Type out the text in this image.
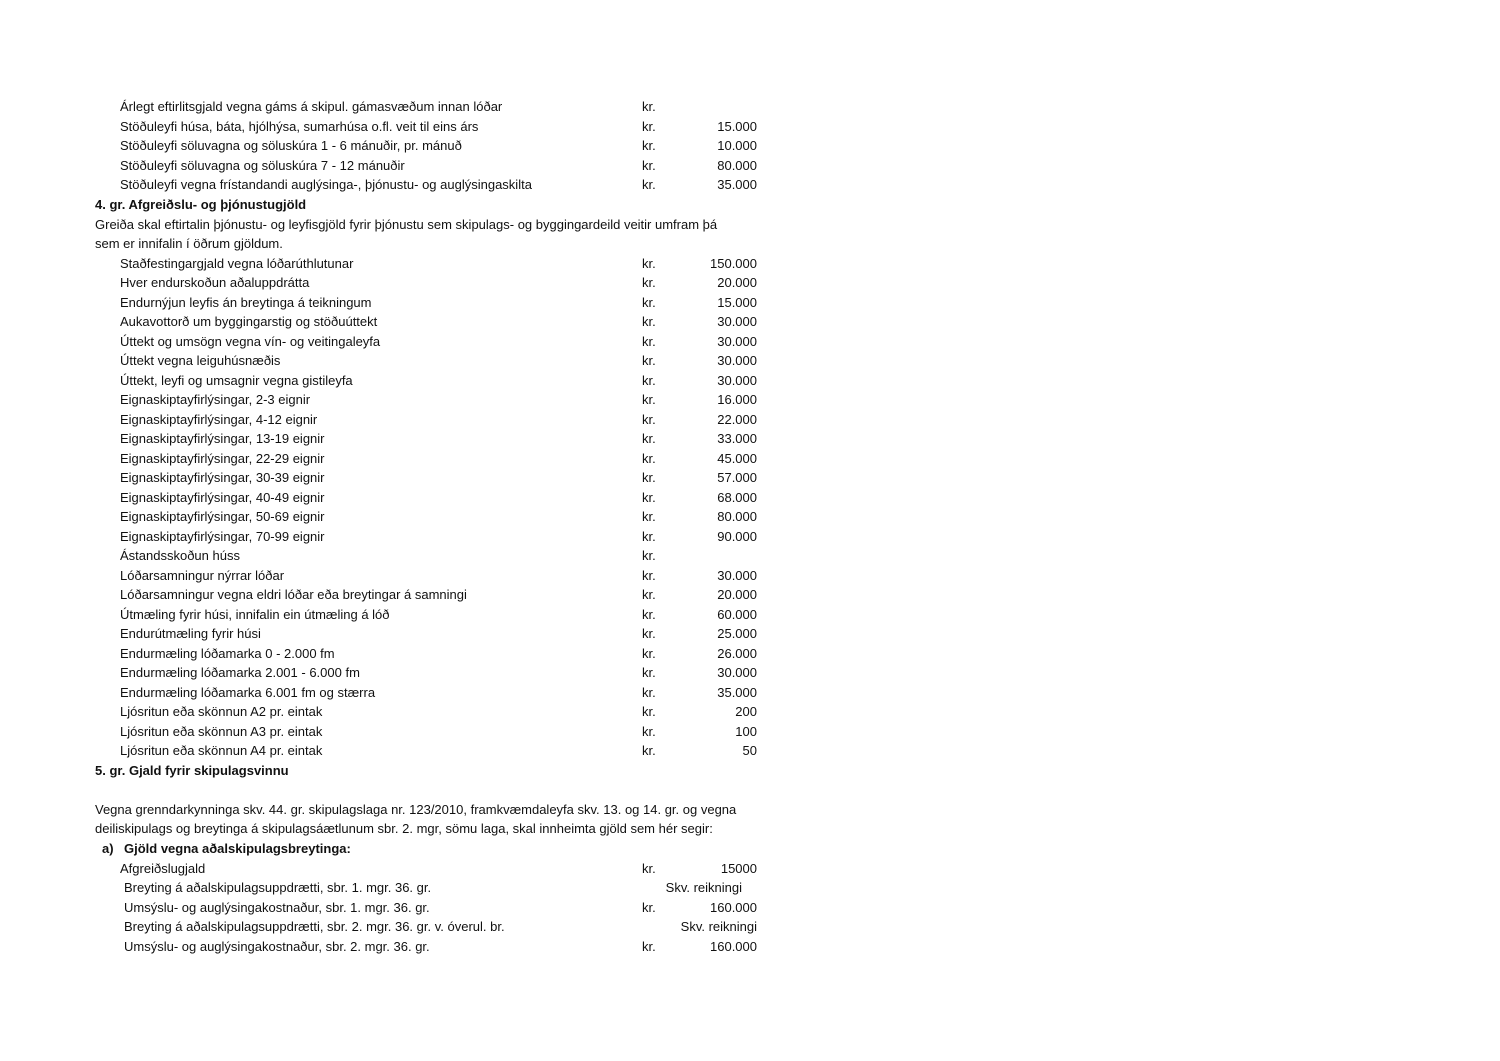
Árlegt eftirlitsgjald vegna gáms á skipul. gámasvæðum innan lóðar	kr.
Stöðuleyfi húsa, báta, hjólhýsa, sumarhúsa o.fl. veit til eins árs	kr.	15.000
Stöðuleyfi söluvagna og söluskúra 1 - 6 mánuðir, pr. mánuð	kr.	10.000
Stöðuleyfi söluvagna og söluskúra 7 - 12 mánuðir	kr.	80.000
Stöðuleyfi vegna frístandandi auglýsinga-, þjónustu- og auglýsingaskilta	kr.	35.000
4. gr. Afgreiðslu- og þjónustugjöld
Greiða skal eftirtalin þjónustu- og leyfisgjöld fyrir þjónustu sem skipulags- og byggingardeild veitir umfram þá
sem er innifalin í öðrum gjöldum.
Staðfestingargjald vegna lóðarúthlutunar	kr.	150.000
Hver endurskoðun aðaluppdrátta	kr.	20.000
Endurnýjun leyfis án breytinga á teikningum	kr.	15.000
Aukavottorð um byggingarstig og stöðuúttekt	kr.	30.000
Úttekt og umsögn vegna vín- og veitingaleyfa	kr.	30.000
Úttekt vegna leiguhúsnæðis	kr.	30.000
Úttekt, leyfi og umsagnir vegna gistileyfa	kr.	30.000
Eignaskiptayfirlýsingar, 2-3 eignir	kr.	16.000
Eignaskiptayfirlýsingar, 4-12 eignir	kr.	22.000
Eignaskiptayfirlýsingar, 13-19 eignir	kr.	33.000
Eignaskiptayfirlýsingar, 22-29 eignir	kr.	45.000
Eignaskiptayfirlýsingar, 30-39 eignir	kr.	57.000
Eignaskiptayfirlýsingar, 40-49 eignir	kr.	68.000
Eignaskiptayfirlýsingar, 50-69 eignir	kr.	80.000
Eignaskiptayfirlýsingar, 70-99 eignir	kr.	90.000
Ástandsskoðun húss	kr.
Lóðarsamningur nýrrar lóðar	kr.	30.000
Lóðarsamningur vegna eldri lóðar eða breytingar á samningi	kr.	20.000
Útmæling fyrir húsi, innifalin ein útmæling á lóð	kr.	60.000
Endurútmæling fyrir húsi	kr.	25.000
Endurmæling lóðamarka 0 - 2.000 fm	kr.	26.000
Endurmæling lóðamarka 2.001 - 6.000 fm	kr.	30.000
Endurmæling lóðamarka 6.001 fm og stærra	kr.	35.000
Ljósritun eða skönnun A2 pr. eintak	kr.	200
Ljósritun eða skönnun A3 pr. eintak	kr.	100
Ljósritun eða skönnun A4 pr. eintak	kr.	50
5. gr. Gjald fyrir skipulagsvinnu
Vegna grenndarkynninga skv. 44. gr. skipulagslaga nr. 123/2010, framkvæmdaleyfa skv. 13. og 14. gr. og vegna
deiliskipulags og breytinga á skipulagsáætlunum sbr. 2. mgr, sömu laga, skal innheimta gjöld sem hér segir:
a) Gjöld vegna aðalskipulagsbreytinga:
Afgreiðslugjald	kr.	15000
Breyting á aðalskipulagsuppdrætti, sbr. 1. mgr. 36. gr.	Skv. reikningi
Umsýslu- og auglýsingakostnaður, sbr. 1. mgr. 36. gr.	kr.	160.000
Breyting á aðalskipulagsuppdrætti, sbr. 2. mgr. 36. gr. v. óverul. br.	Skv. reikningi
Umsýslu- og auglýsingakostnaður, sbr. 2. mgr. 36. gr.	kr.	160.000
